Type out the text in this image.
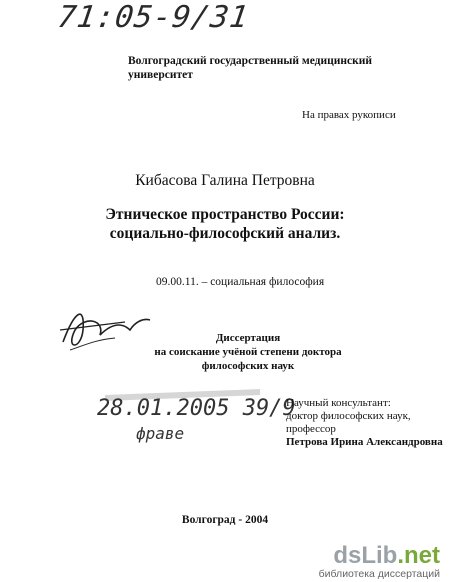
71:05-9/31
Волгоградский государственный медицинский университет
На правах рукописи
Кибасова Галина Петровна
Этническое пространство России:
социально-философский анализ.
09.00.11. – социальная философия
Диссертация
на соискание учёной степени доктора
философских наук
28.01.2005 39/9
фраве
Научный консультант:
доктор философских наук, профессор
Петрова Ирина Александровна
Волгоград - 2004
dsLib.net
библиотека диссертаций
